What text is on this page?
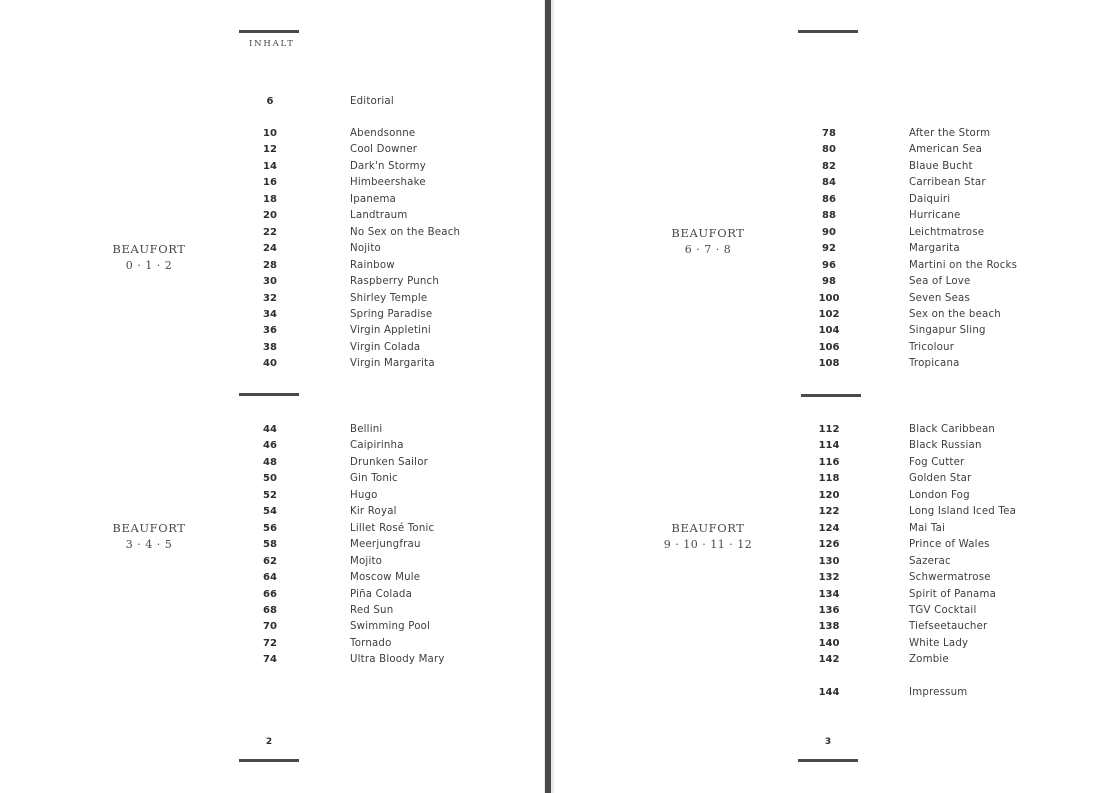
INHALT
BEAUFORT
0 · 1 · 2
BEAUFORT
3 · 4 · 5
BEAUFORT
6 · 7 · 8
BEAUFORT
9 · 10 · 11 · 12
2	3
6	Editorial
10	Abendsonne
12	Cool Downer
14	Dark'n Stormy
16	Himbeershake
18	Ipanema
20	Landtraum
22	No Sex on the Beach
24	Nojito
28	Rainbow
30	Raspberry Punch
32	Shirley Temple
34	Spring Paradise
36	Virgin Appletini
38	Virgin Colada
40	Virgin Margarita
44	Bellini
46	Caipirinha
48	Drunken Sailor
50	Gin Tonic
52	Hugo
54	Kir Royal
56	Lillet Rosé Tonic
58	Meerjungfrau
62	Mojito
64	Moscow Mule
66	Piña Colada
68	Red Sun
70	Swimming Pool
72	Tornado
74	Ultra Bloody Mary
78	After the Storm
80	American Sea
82	Blaue Bucht
84	Carribean Star
86	Daiquiri
88	Hurricane
90	Leichtmatrose
92	Margarita
96	Martini on the Rocks
98	Sea of Love
100	Seven Seas
102	Sex on the beach
104	Singapur Sling
106	Tricolour
108	Tropicana
112	Black Caribbean
114	Black Russian
116	Fog Cutter
118	Golden Star
120	London Fog
122	Long Island Iced Tea
124	Mai Tai
126	Prince of Wales
130	Sazerac
132	Schwermatrose
134	Spirit of Panama
136	TGV Cocktail
138	Tiefseetaucher
140	White Lady
142	Zombie
144	Impressum
